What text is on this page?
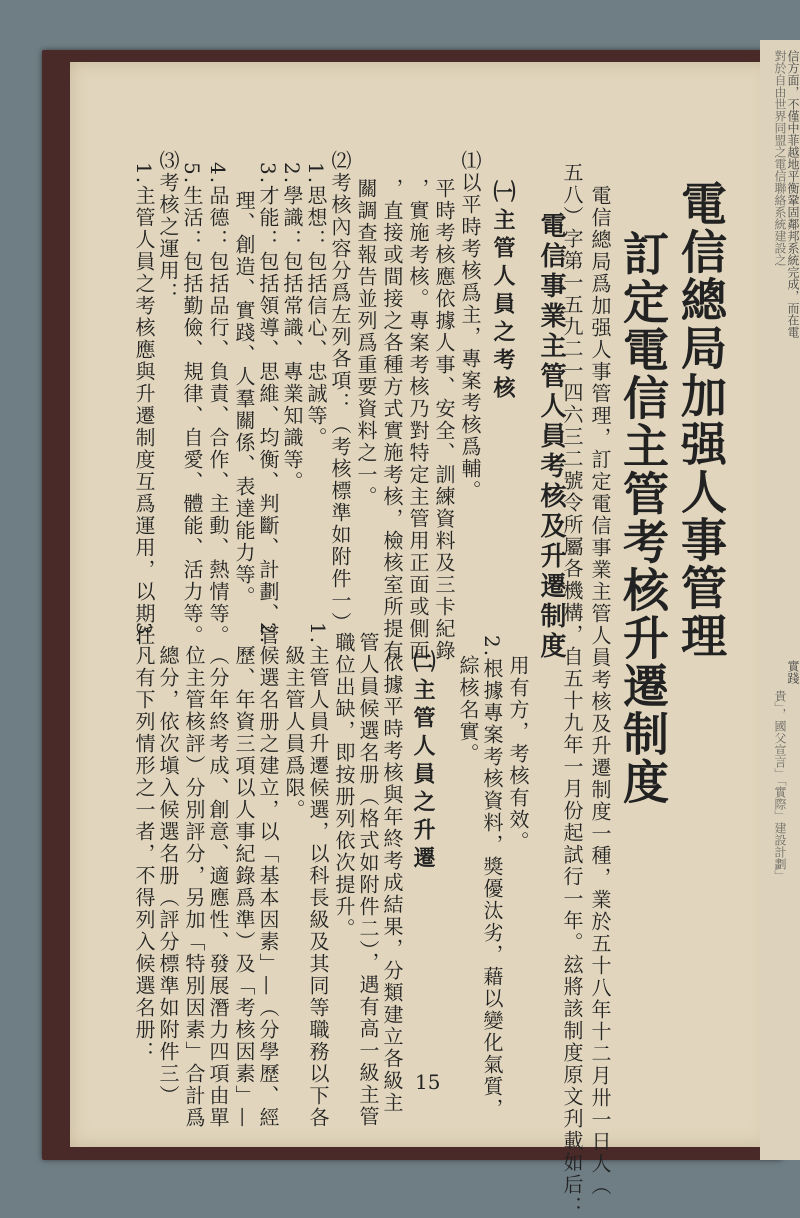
信方面，不僅中菲越地平衡鞏固鄰邦系統完成，而在電
對於自由世界同盟之電信聯絡系統建設之
實踐
貴」，國父宣言」「實際」建設計劃」
電信總局加强人事管理
訂定電信主管考核升遷制度
電信總局爲加强人事管理，訂定電信事業主管人員考核及升遷制度一種，業於五十八年十二月卅一日人（
五八）字第一五九二一四六三二號令所屬各機構，自五十九年一月份起試行一年。玆將該制度原文刋載如后：
電信事業主管人員考核及升遷制度
㈠主管人員之考核
⑴以平時考核爲主，專案考核爲輔。
平時考核應依據人事、安全、訓練資料及三卡紀錄
，實施考核。專案考核乃對特定主管用正面或側面
，直接或間接之各種方式實施考核，檢核室所提有
關調查報告並列爲重要資料之一。
⑵考核內容分爲左列各項：（考核標準如附件一）
1.思想：包括信心、忠誠等。
2.學識：包括常識、專業知識等。
3.才能：包括領導、思維、均衡、判斷、計劃、管
理、創造、實踐、人羣關係、表達能力等。
4.品德：包括品行、負責、合作、主動、熱情等。
5.生活：包括勤儉、規律、自愛、體能、活力等。
⑶考核之運用：
1.主管人員之考核應與升遷制度互爲運用，以期任
用有方，考核有效。
2.根據專案考核資料，獎優汰劣，藉以變化氣質，
綜核名實。
㈡主管人員之升遷
依據平時考核與年終考成結果，分類建立各級主
管人員候選名册（格式如附件二），遇有高一級主管
職位出缺，即按册列依次提升。
1.主管人員升遷候選，以科長級及其同等職務以下各
級主管人員爲限。
2.候選名册之建立，以「基本因素」—（分學歷、經
歷、年資三項以人事紀錄爲準）及「考核因素」—
（分年終考成、創意、適應性、發展潛力四項由單
位主管核評）分別評分，另加「特別因素」合計爲
總分，依次塡入候選名册（評分標準如附件三）
3.凡有下列情形之一者，不得列入候選名册：
15
